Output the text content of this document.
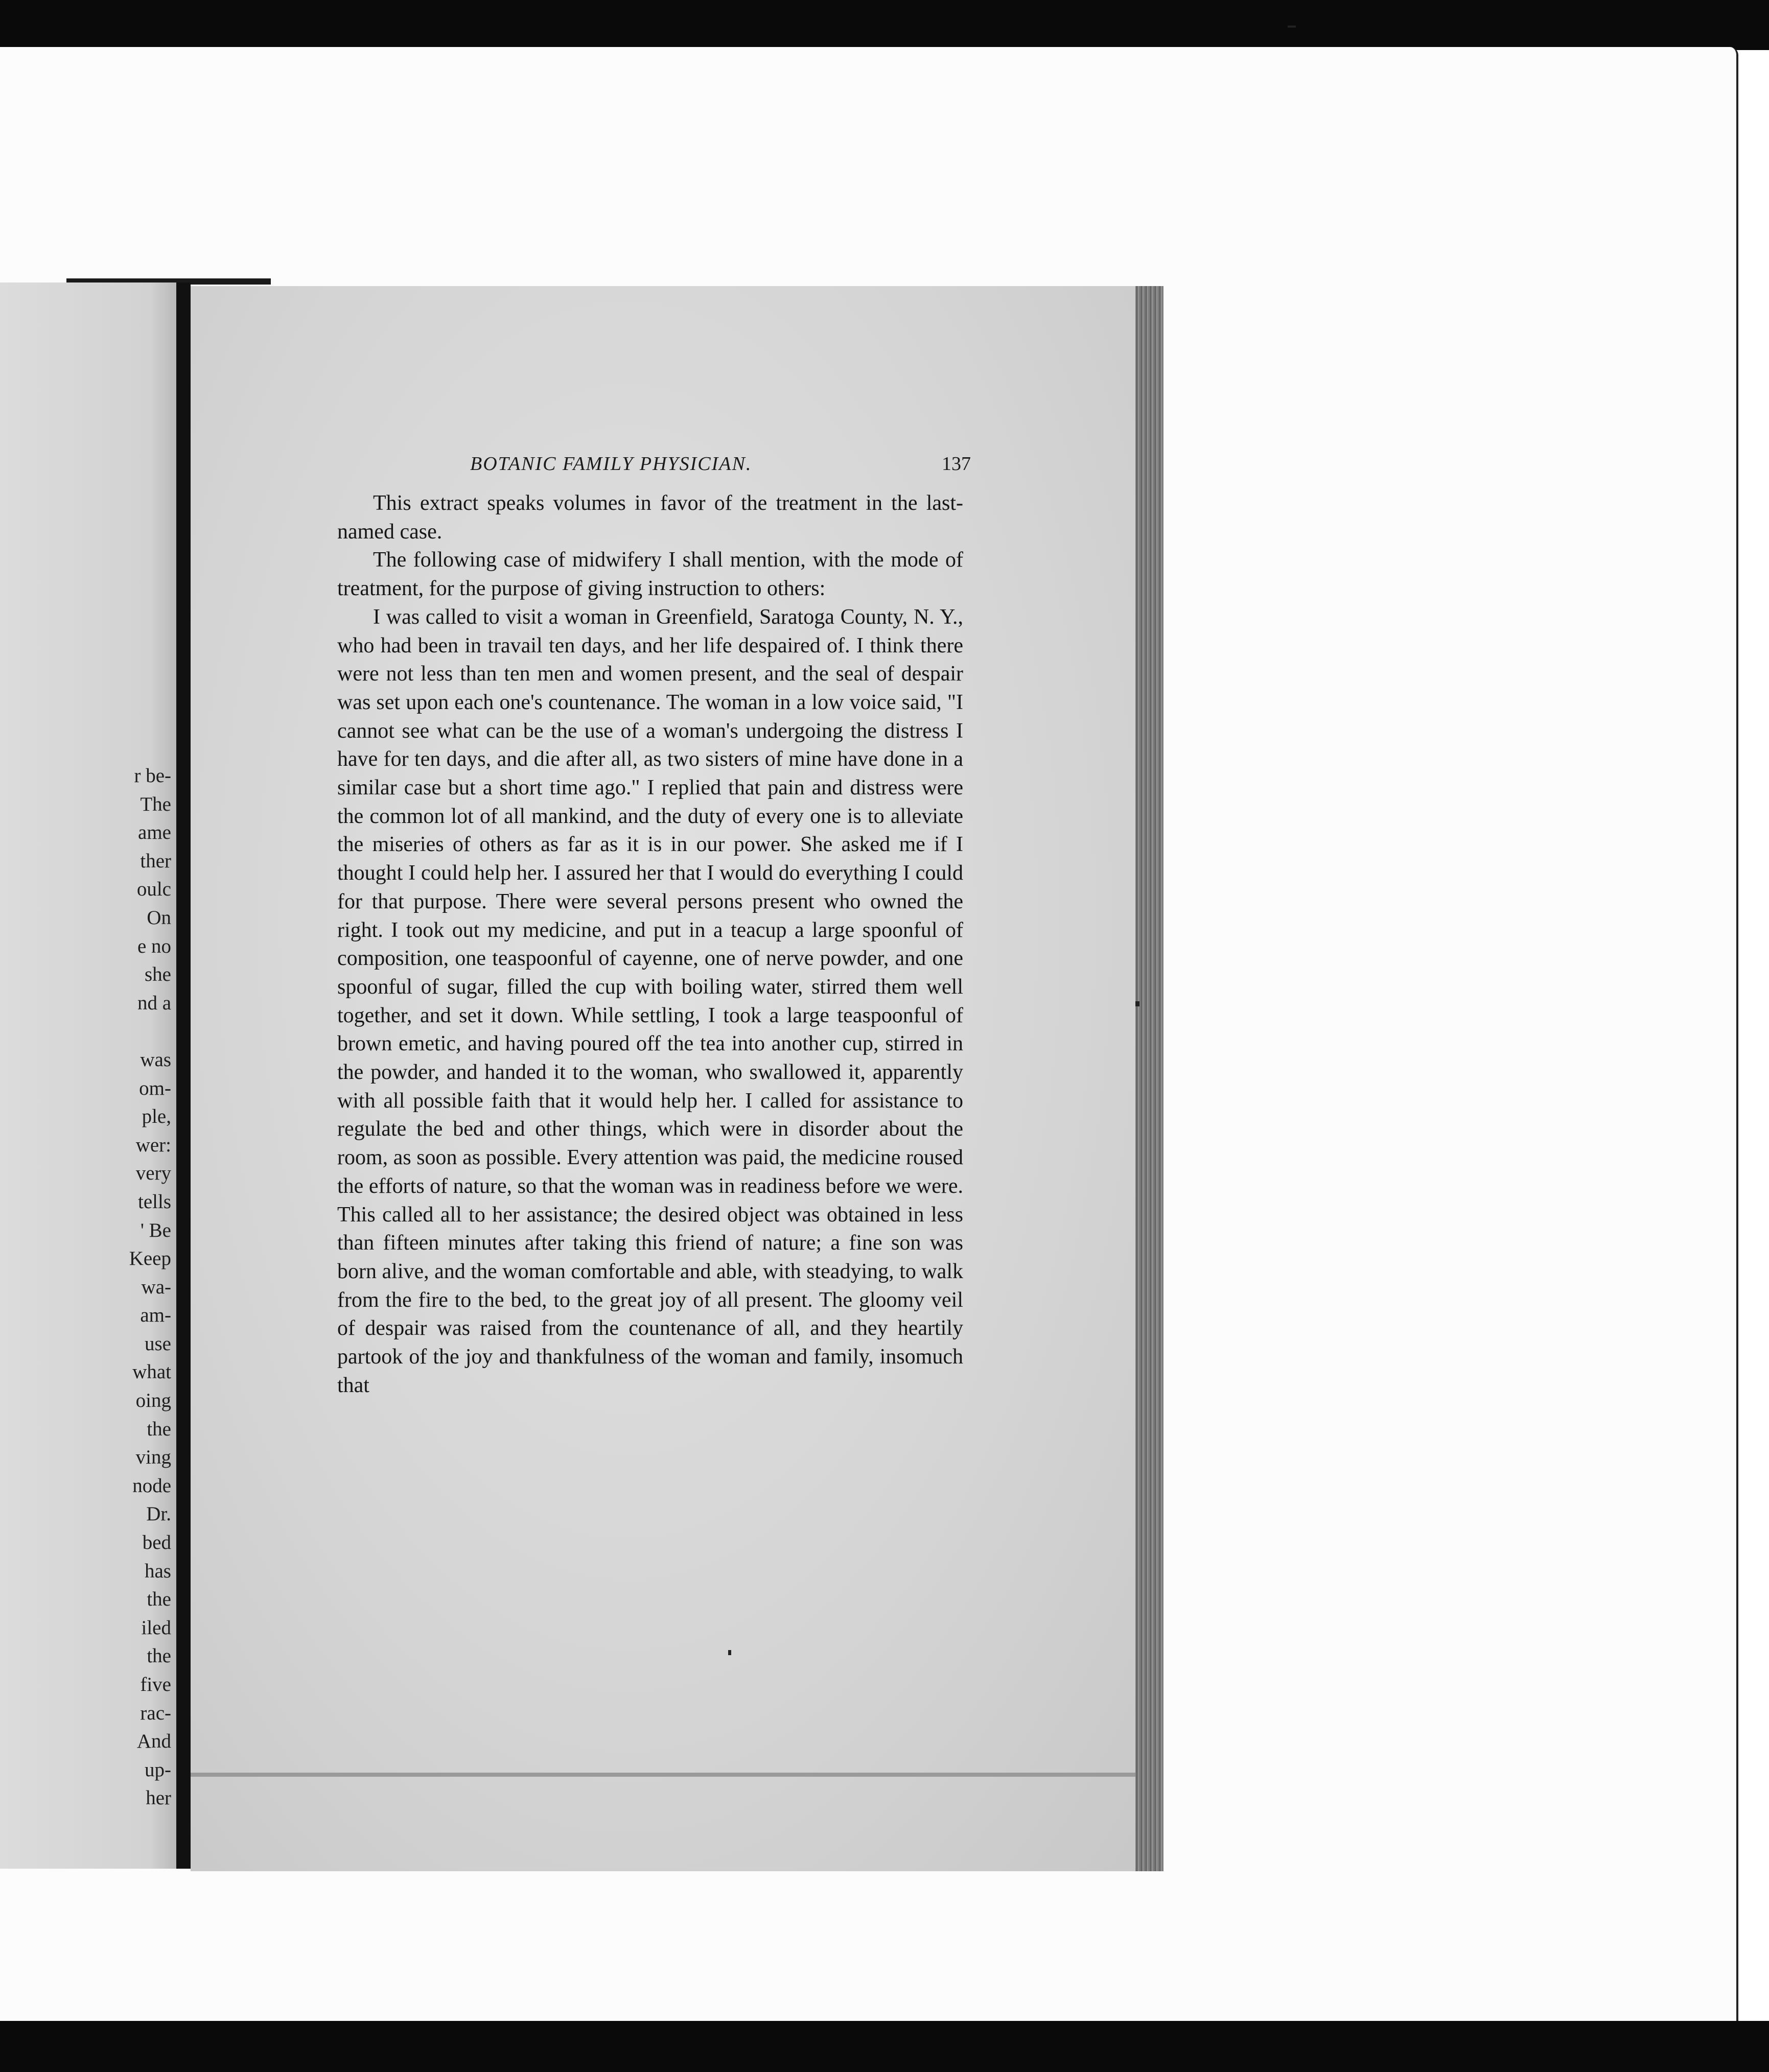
r be-
The
ame
ther
oulc
On
e no
she
nd a

was
om-
ple,
wer:
very
tells
' Be
Keep
wa-
am-
use
what
oing
the
ving
node
Dr.
bed
has
the
iled
the
five
rac-
And
up-
her
BOTANIC FAMILY PHYSICIAN.	137

This extract speaks volumes in favor of the treatment in the last-named case.

The following case of midwifery I shall mention, with the mode of treatment, for the purpose of giving instruction to others:

I was called to visit a woman in Greenfield, Saratoga County, N. Y., who had been in travail ten days, and her life despaired of. I think there were not less than ten men and women present, and the seal of despair was set upon each one's countenance. The woman in a low voice said, "I cannot see what can be the use of a woman's undergoing the distress I have for ten days, and die after all, as two sisters of mine have done in a similar case but a short time ago." I replied that pain and distress were the common lot of all mankind, and the duty of every one is to alleviate the miseries of others as far as it is in our power. She asked me if I thought I could help her. I assured her that I would do everything I could for that purpose. There were several persons present who owned the right. I took out my medicine, and put in a teacup a large spoonful of composition, one teaspoonful of cayenne, one of nerve powder, and one spoonful of sugar, filled the cup with boiling water, stirred them well together, and set it down. While settling, I took a large teaspoonful of brown emetic, and having poured off the tea into another cup, stirred in the powder, and handed it to the woman, who swallowed it, apparently with all possible faith that it would help her. I called for assistance to regulate the bed and other things, which were in disorder about the room, as soon as possible. Every attention was paid, the medicine roused the efforts of nature, so that the woman was in readiness before we were. This called all to her assistance; the desired object was obtained in less than fifteen minutes after taking this friend of nature; a fine son was born alive, and the woman comfortable and able, with steadying, to walk from the fire to the bed, to the great joy of all present. The gloomy veil of despair was raised from the countenance of all, and they heartily partook of the joy and thankfulness of the woman and family, insomuch that
